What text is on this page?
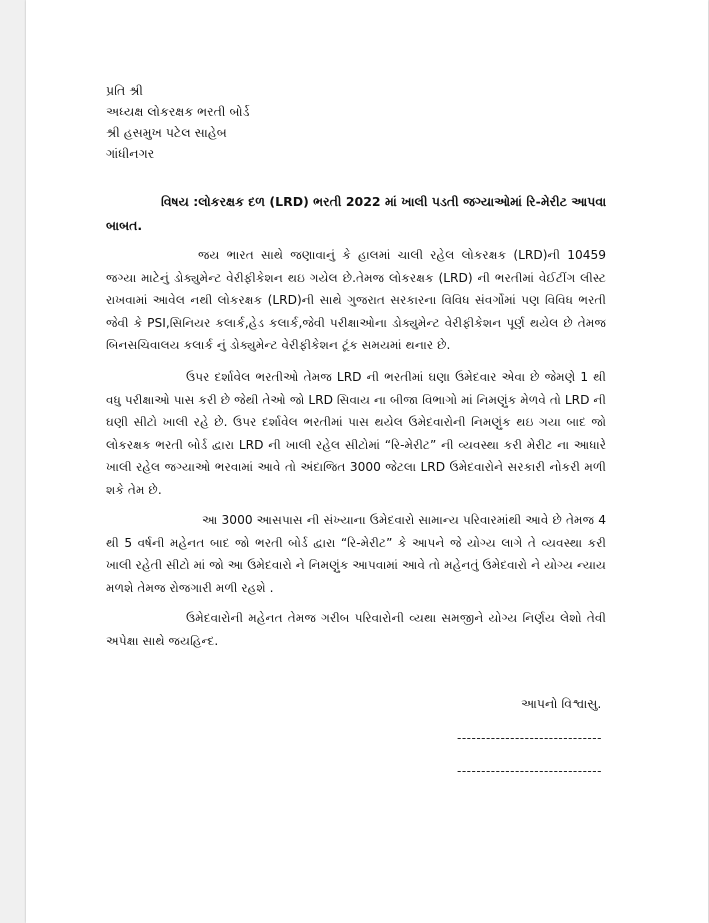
પ્રતિ શ્રી
અધ્યક્ષ લોકરક્ષક ભરતી બોર્ડ
શ્રી હસમુખ પટેલ સાહેબ
ગાંધીનગર
વિષય :લોકરક્ષક દળ (LRD) ભરતી 2022 માં ખાલી પડતી જગ્યાઓમાં રિ-મેરીટ આપવા બાબત.
જય ભારત સાથે જણાવાનું કે હાલમાં ચાલી રહેલ લોકરક્ષક (LRD)ની 10459 જગ્યા માટેનું ડોક્યુમેન્ટ વેરીફીકેશન થઇ ગયેલ છે.તેમજ લોકરક્ષક (LRD) ની ભરતીમાં વેઈટીંગ લીસ્ટ રાખવામાં આવેલ નથી લોકરક્ષક (LRD)ની સાથે ગુજરાત સરકારના વિવિધ સંવર્ગોમાં પણ વિવિધ ભરતી જેવી કે PSI,સિનિયર કલાર્ક,હેડ કલાર્ક,જેવી પરીક્ષાઓના ડોક્યુમેન્ટ વેરીફીકેશન પૂર્ણ થયેલ છે તેમજ બિનસચિવાલય કલાર્ક નું ડોક્યુમેન્ટ વેરીફીકેશન ટૂંક સમયમાં થનાર છે.
ઉપર દર્શાવેલ ભરતીઓ તેમજ LRD ની ભરતીમાં ઘણા ઉમેદવાર એવા છે જેમણે 1 થી વધુ પરીક્ષાઓ પાસ કરી છે જેથી તેઓ જો LRD સિવાય ના બીજા વિભાગો માં નિમણુંક મેળવે તો LRD ની ઘણી સીટો ખાલી રહે છે. ઉપર દર્શાવેલ ભરતીમાં પાસ થયેલ ઉમેદવારોની નિમણુંક થઇ ગયા બાદ જો લોકરક્ષક ભરતી બોર્ડ દ્વારા LRD ની ખાલી રહેલ સીટોમાં “રિ-મેરીટ” ની વ્યવસ્થા કરી મેરીટ ના આધારે ખાલી રહેલ જગ્યાઓ ભરવામાં આવે તો અંદાજિત 3000 જેટલા LRD ઉમેદવારોને સરકારી નોકરી મળી શકે તેમ છે.
આ 3000 આસપાસ ની સંખ્યાના ઉમેદવારો સામાન્ય પરિવારમાંથી આવે છે તેમજ 4 થી 5 વર્ષની મહેનત બાદ જો ભરતી બોર્ડ દ્વારા “રિ-મેરીટ” કે આપને જે યોગ્ય લાગે તે વ્યવસ્થા કરી ખાલી રહેતી સીટો માં જો આ ઉમેદવારો ને નિમણુંક આપવામાં આવે તો મહેનતું ઉમેદવારો ને યોગ્ય ન્યાય મળશે તેમજ રોજગારી મળી રહશે .
ઉમેદવારોની મહેનત તેમજ ગરીબ પરિવારોની વ્યથા સમજીને યોગ્ય નિર્ણય લેશો તેવી અપેક્ષા સાથે જયહિન્દ.
આપનો વિશ્વાસુ.
------------------------------
------------------------------
